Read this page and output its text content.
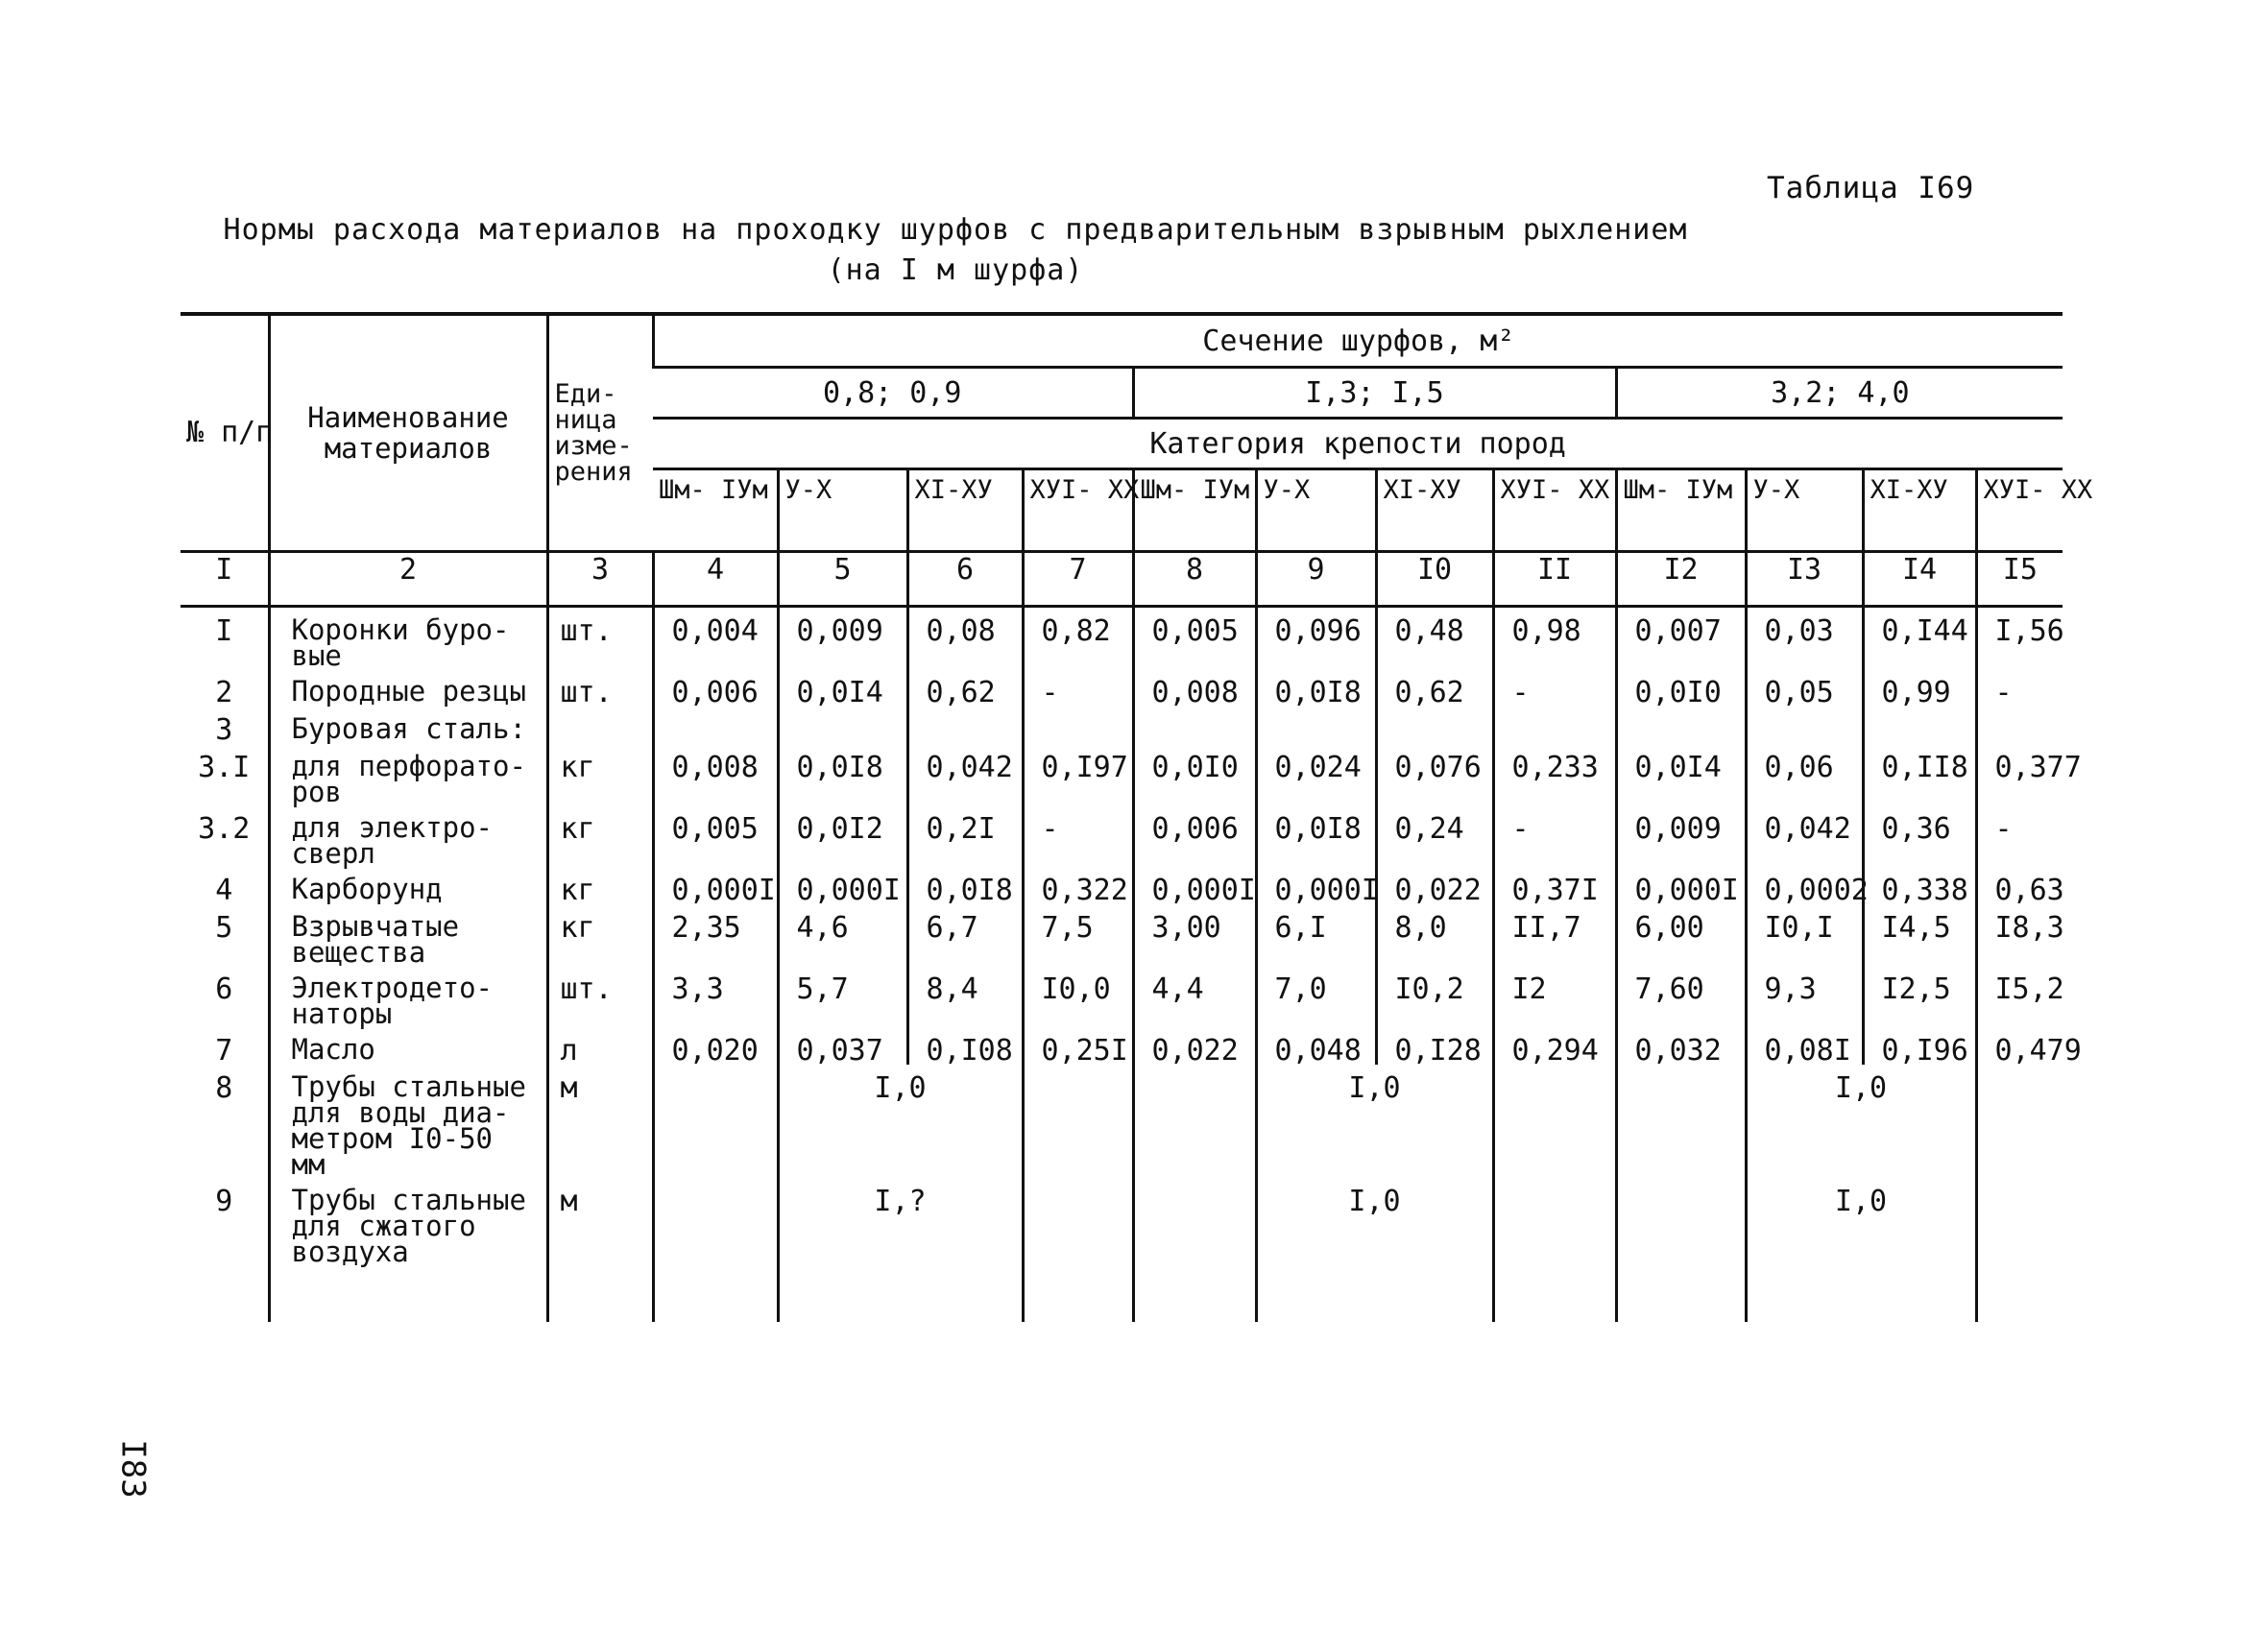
Таблица I69
Нормы расхода материалов на проходку шурфов с предварительным взрывным рыхлением
(на I м шурфа)
I83
№ п/п	Наименование материалов	Еди- ница изме- рения	Сечение шурфов, м²											
			0,8; 0,9				I,3; I,5				3,2; 4,0			
			Категория крепости пород											
			Шм- IУм	У-Х	XI-XУ	XУI- XX	Шм- IУм	У-Х	XI-XУ	XУI- XX	Шм- IУм	У-Х	XI-XУ	XУI- XX
I	2	3	4	5	6	7	8	9	I0	II	I2	I3	I4	I5
I	Коронки буро- вые	шт.	0,004	0,009	0,08	0,82	0,005	0,096	0,48	0,98	0,007	0,03	0,I44	I,56
2	Породные резцы	шт.	0,006	0,0I4	0,62	-	0,008	0,0I8	0,62	-	0,0I0	0,05	0,99	-
3	Буровая сталь:													
3.I	для перфорато- ров	кг	0,008	0,0I8	0,042	0,I97	0,0I0	0,024	0,076	0,233	0,0I4	0,06	0,II8	0,377
3.2	для электро- сверл	кг	0,005	0,0I2	0,2I	-	0,006	0,0I8	0,24	-	0,009	0,042	0,36	-
4	Карборунд	кг	0,000I	0,000I	0,0I8	0,322	0,000I	0,000I	0,022	0,37I	0,000I	0,0002	0,338	0,63
5	Взрывчатые вещества	кг	2,35	4,6	6,7	7,5	3,00	6,I	8,0	II,7	6,00	I0,I	I4,5	I8,3
6	Электродето- наторы	шт.	3,3	5,7	8,4	I0,0	4,4	7,0	I0,2	I2	7,60	9,3	I2,5	I5,2
7	Масло	л	0,020	0,037	0,I08	0,25I	0,022	0,048	0,I28	0,294	0,032	0,08I	0,I96	0,479
8	Трубы стальные для воды диа- метром I0-50 мм	м		I,0				I,0				I,0		
9	Трубы стальные для сжатого воздуха	м		I,?				I,0				I,0		
